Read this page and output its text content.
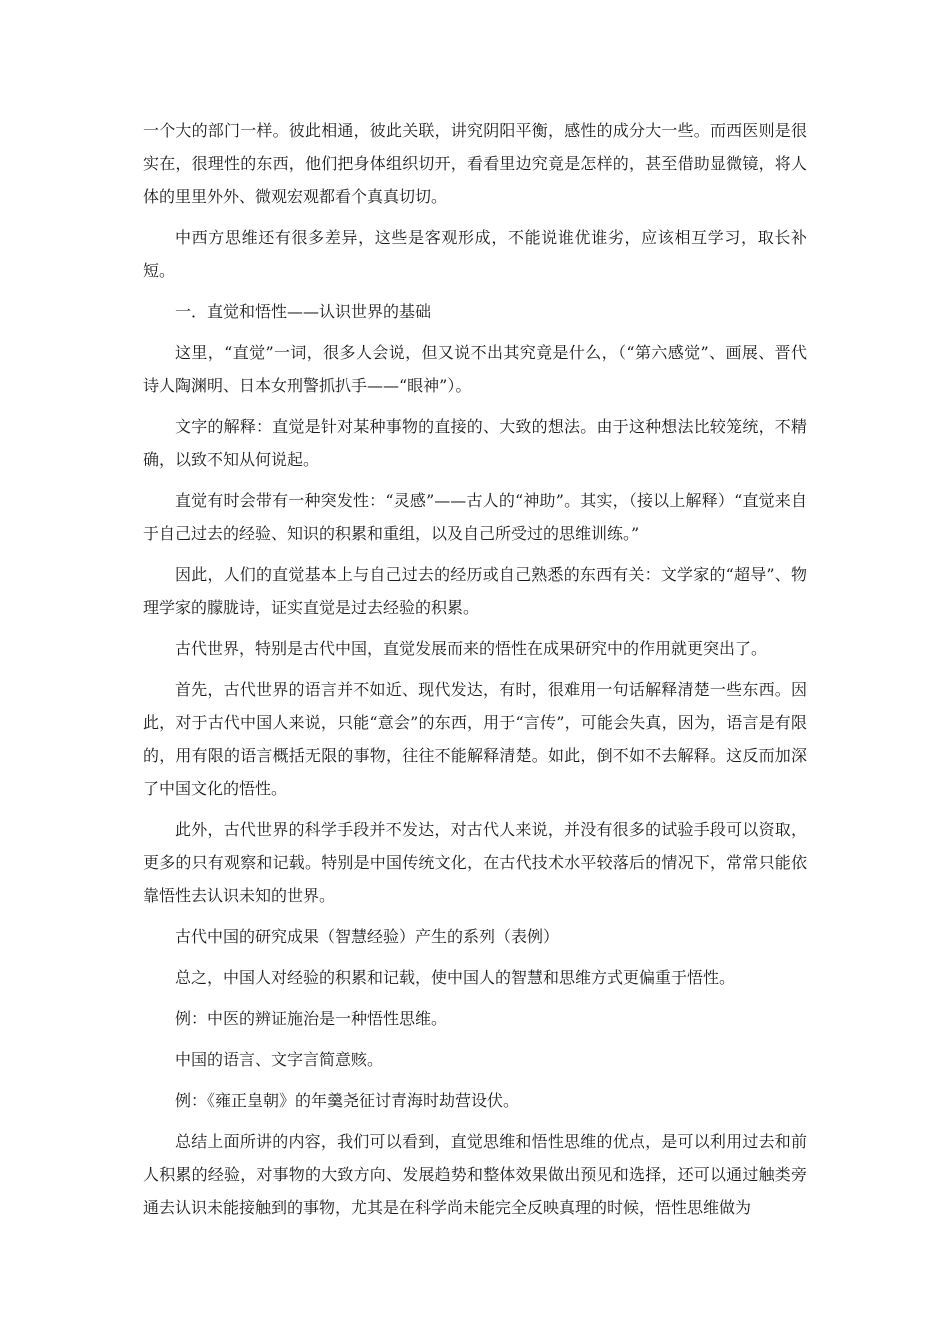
一个大的部门一样。彼此相通，彼此关联，讲究阴阳平衡，感性的成分大一些。而西医则是很实在，很理性的东西，他们把身体组织切开，看看里边究竟是怎样的，甚至借助显微镜，将人体的里里外外、微观宏观都看个真真切切。

中西方思维还有很多差异，这些是客观形成，不能说谁优谁劣，应该相互学习，取长补短。

一．直觉和悟性——认识世界的基础

这里，“直觉”一词，很多人会说，但又说不出其究竟是什么，（“第六感觉”、画展、晋代诗人陶渊明、日本女刑警抓扒手——“眼神”）。

文字的解释：直觉是针对某种事物的直接的、大致的想法。由于这种想法比较笼统，不精确，以致不知从何说起。

直觉有时会带有一种突发性：“灵感”——古人的“神助”。其实，（接以上解释）“直觉来自于自己过去的经验、知识的积累和重组，以及自己所受过的思维训练。”

因此，人们的直觉基本上与自己过去的经历或自己熟悉的东西有关：文学家的“超导”、物理学家的朦胧诗，证实直觉是过去经验的积累。

古代世界，特别是古代中国，直觉发展而来的悟性在成果研究中的作用就更突出了。

首先，古代世界的语言并不如近、现代发达，有时，很难用一句话解释清楚一些东西。因此，对于古代中国人来说，只能“意会”的东西，用于“言传”，可能会失真，因为，语言是有限的，用有限的语言概括无限的事物，往往不能解释清楚。如此，倒不如不去解释。这反而加深了中国文化的悟性。

此外，古代世界的科学手段并不发达，对古代人来说，并没有很多的试验手段可以资取，更多的只有观察和记载。特别是中国传统文化，在古代技术水平较落后的情况下，常常只能依靠悟性去认识未知的世界。

古代中国的研究成果（智慧经验）产生的系列（表例）

总之，中国人对经验的积累和记载，使中国人的智慧和思维方式更偏重于悟性。

例：中医的辨证施治是一种悟性思维。

中国的语言、文字言简意赅。

例：《雍正皇朝》的年羹尧征讨青海时劫营设伏。

总结上面所讲的内容，我们可以看到，直觉思维和悟性思维的优点，是可以利用过去和前人积累的经验，对事物的大致方向、发展趋势和整体效果做出预见和选择，还可以通过触类旁通去认识未能接触到的事物，尤其是在科学尚未能完全反映真理的时候，悟性思维做为
